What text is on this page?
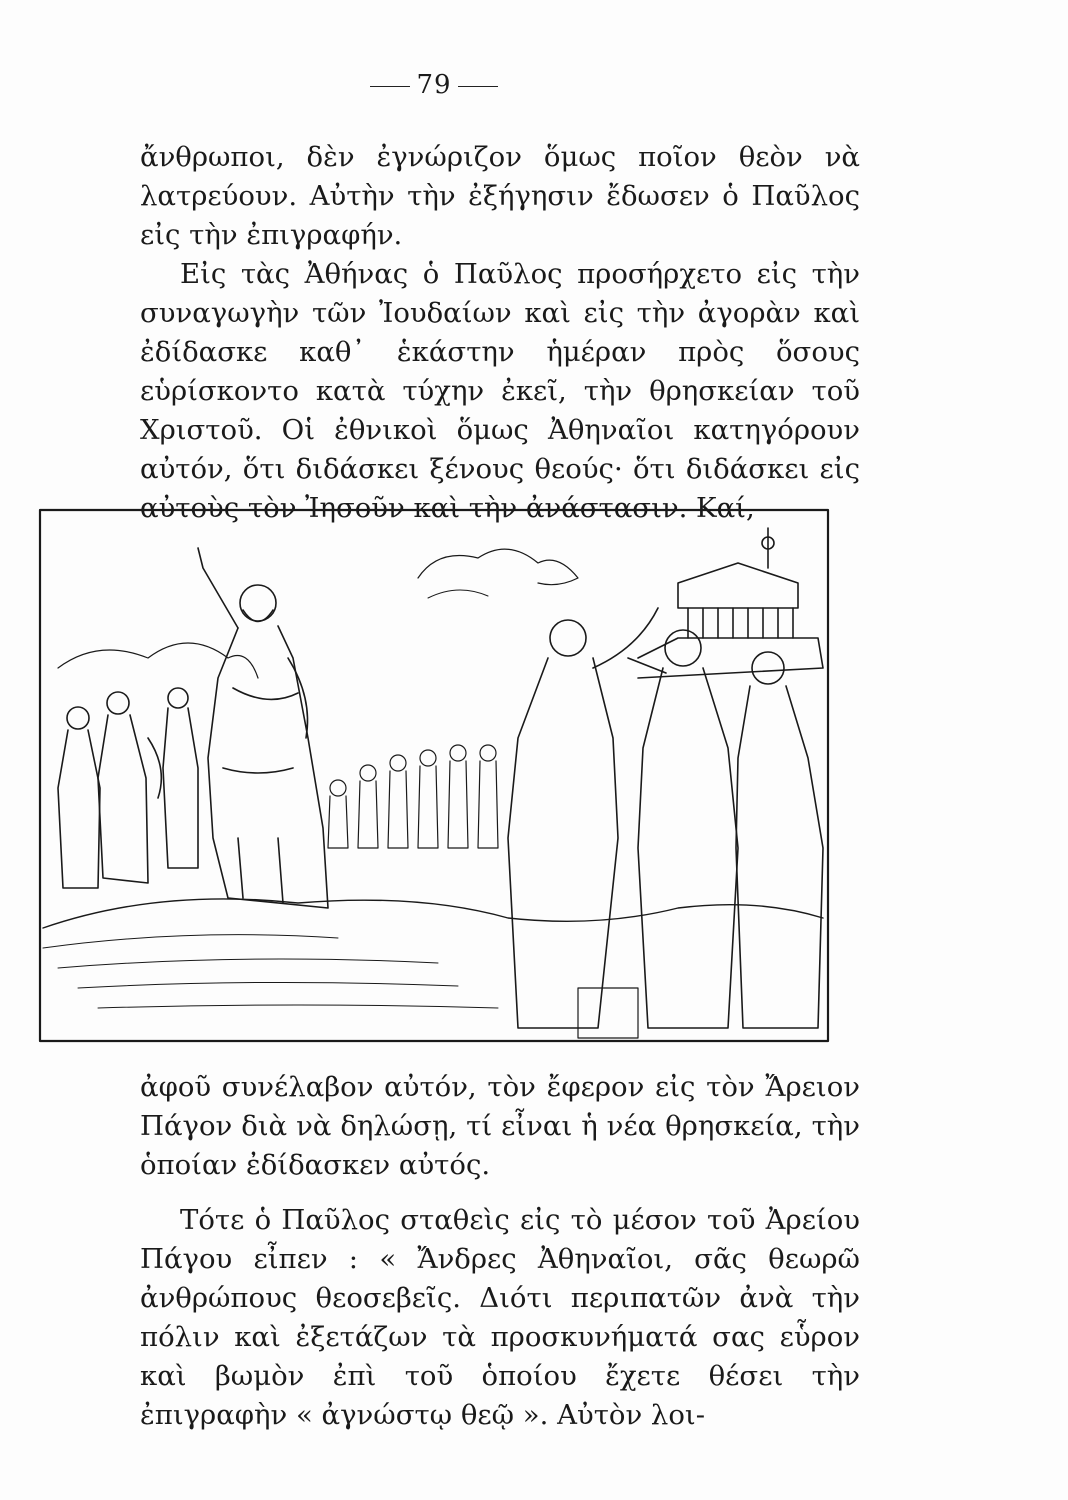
79

ἄνθρωποι, δὲν ἐγνώριζον ὅμως ποῖον θεὸν νὰ λατρεύουν. Αὐτὴν τὴν ἐξήγησιν ἔδωσεν ὁ Παῦλος εἰς τὴν ἐπιγραφήν.

Εἰς τὰς Ἀθήνας ὁ Παῦλος προσήρχετο εἰς τὴν συναγωγὴν τῶν Ἰουδαίων καὶ εἰς τὴν ἀγορὰν καὶ ἐδίδασκε καθ᾽ ἑκάστην ἡμέραν πρὸς ὅσους εὑρίσκοντο κατὰ τύχην ἐκεῖ, τὴν θρησκείαν τοῦ Χριστοῦ. Οἱ ἐθνικοὶ ὅμως Ἀθηναῖοι κατηγόρουν αὐτόν, ὅτι διδάσκει ξένους θεούς· ὅτι διδάσκει εἰς αὐτοὺς τὸν Ἰησοῦν καὶ τὴν ἀνάστασιν. Καί,

ἀφοῦ συνέλαβον αὐτόν, τὸν ἔφερον εἰς τὸν Ἄρειον Πάγον διὰ νὰ δηλώσῃ, τί εἶναι ἡ νέα θρησκεία, τὴν ὁποίαν ἐδίδασκεν αὐτός.

Τότε ὁ Παῦλος σταθεὶς εἰς τὸ μέσον τοῦ Ἀρείου Πάγου εἶπεν : « Ἄνδρες Ἀθηναῖοι, σᾶς θεωρῶ ἀνθρώπους θεοσεβεῖς. Διότι περιπατῶν ἀνὰ τὴν πόλιν καὶ ἐξετάζων τὰ προσκυνήματά σας εὗρον καὶ βωμὸν ἐπὶ τοῦ ὁποίου ἔχετε θέσει τὴν ἐπιγραφὴν « ἀγνώστῳ θεῷ ». Αὐτὸν λοι-
